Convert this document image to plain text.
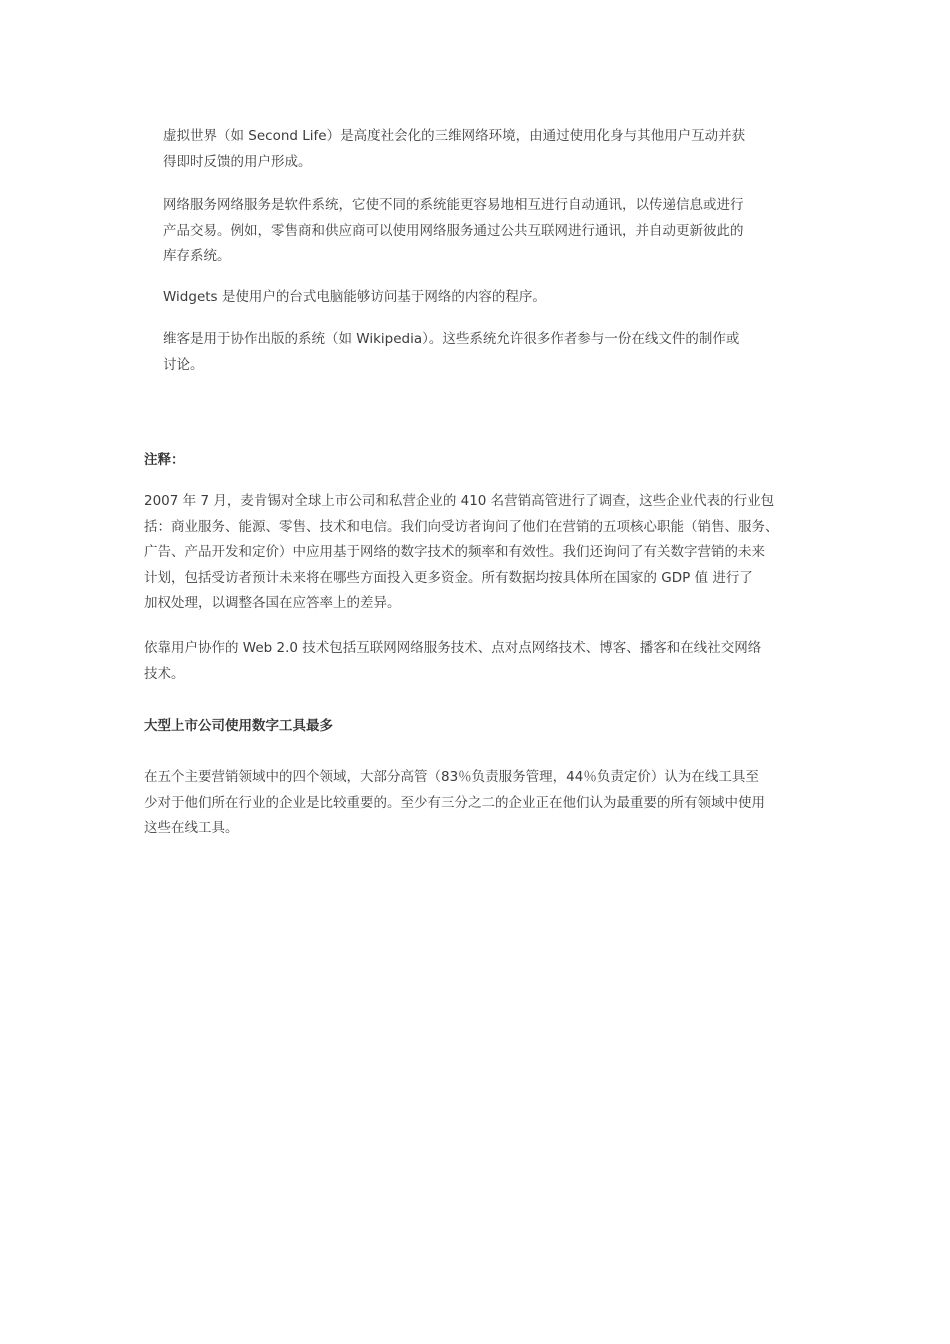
虚拟世界（如 Second Life）是高度社会化的三维网络环境，由通过使用化身与其他用户互动并获
得即时反馈的用户形成。
网络服务网络服务是软件系统，它使不同的系统能更容易地相互进行自动通讯，以传递信息或进行
产品交易。例如，零售商和供应商可以使用网络服务通过公共互联网进行通讯，并自动更新彼此的
库存系统。
Widgets 是使用户的台式电脑能够访问基于网络的内容的程序。
维客是用于协作出版的系统（如 Wikipedia）。这些系统允许很多作者参与一份在线文件的制作或
讨论。
注释：
2007 年 7 月，麦肯锡对全球上市公司和私营企业的 410 名营销高管进行了调查，这些企业代表的行业包
括：商业服务、能源、零售、技术和电信。我们向受访者询问了他们在营销的五项核心职能（销售、服务、
广告、产品开发和定价）中应用基于网络的数字技术的频率和有效性。我们还询问了有关数字营销的未来
计划，包括受访者预计未来将在哪些方面投入更多资金。所有数据均按具体所在国家的 GDP 值 进行了
加权处理，以调整各国在应答率上的差异。
依靠用户协作的 Web 2.0 技术包括互联网网络服务技术、点对点网络技术、博客、播客和在线社交网络
技术。
大型上市公司使用数字工具最多
在五个主要营销领域中的四个领域，大部分高管（83％负责服务管理，44％负责定价）认为在线工具至
少对于他们所在行业的企业是比较重要的。至少有三分之二的企业正在他们认为最重要的所有领域中使用
这些在线工具。
